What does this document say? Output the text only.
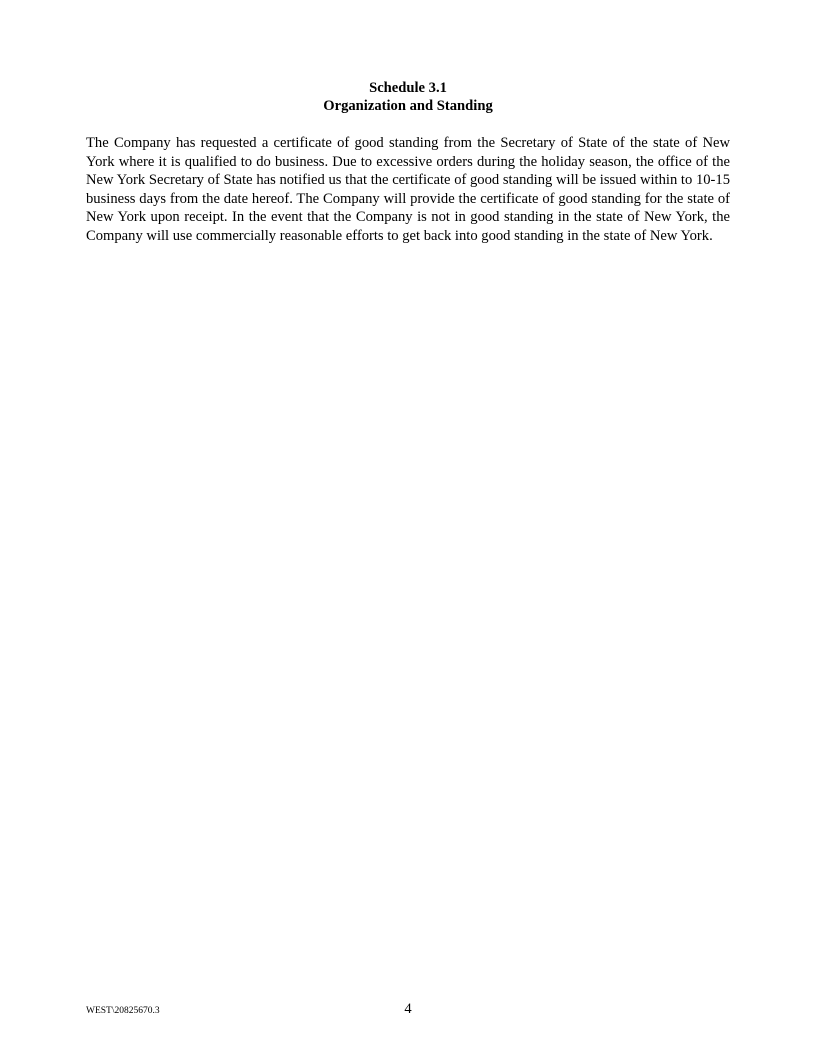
Schedule 3.1
Organization and Standing

The Company has requested a certificate of good standing from the Secretary of State of the state of New York where it is qualified to do business. Due to excessive orders during the holiday season, the office of the New York Secretary of State has notified us that the certificate of good standing will be issued within to 10-15 business days from the date hereof. The Company will provide the certificate of good standing for the state of New York upon receipt. In the event that the Company is not in good standing in the state of New York, the Company will use commercially reasonable efforts to get back into good standing in the state of New York.

WEST\20825670.3	4
